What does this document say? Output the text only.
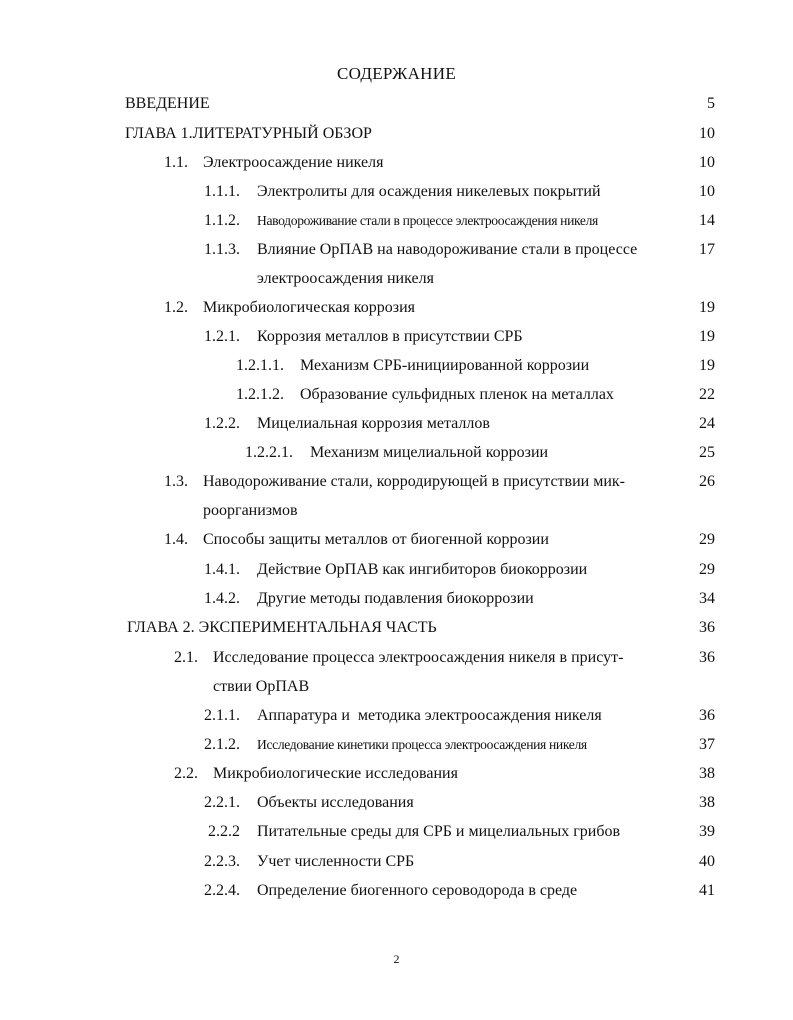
СОДЕРЖАНИЕ
ВВЕДЕНИЕ	5
ГЛАВА 1.ЛИТЕРАТУРНЫЙ ОБЗОР	10
1.1. Электроосаждение никеля	10
1.1.1. Электролиты для осаждения никелевых покрытий	10
1.1.2. Наводороживание стали в процессе электроосаждения никеля	14
1.1.3. Влияние ОрПАВ на наводороживание стали в процессе	17
электроосаждения никеля
1.2. Микробиологическая коррозия	19
1.2.1. Коррозия металлов в присутствии СРБ	19
1.2.1.1. Механизм СРБ-инициированной коррозии	19
1.2.1.2. Образование сульфидных пленок на металлах	22
1.2.2. Мицелиальная коррозия металлов	24
1.2.2.1. Механизм мицелиальной коррозии	25
1.3. Наводороживание стали, корродирующей в присутствии мик-	26
роорганизмов
1.4. Способы защиты металлов от биогенной коррозии	29
1.4.1. Действие ОрПАВ как ингибиторов биокоррозии	29
1.4.2. Другие методы подавления биокоррозии	34
ГЛАВА 2. ЭКСПЕРИМЕНТАЛЬНАЯ ЧАСТЬ	36
2.1. Исследование процесса электроосаждения никеля в присут-	36
ствии ОрПАВ
2.1.1. Аппаратура и  методика электроосаждения никеля	36
2.1.2. Исследование кинетики процесса электроосаждения никеля	37
2.2. Микробиологические исследования	38
2.2.1. Объекты исследования	38
2.2.2 Питательные среды для СРБ и мицелиальных грибов	39
2.2.3. Учет численности СРБ	40
2.2.4. Определение биогенного сероводорода в среде	41
2
